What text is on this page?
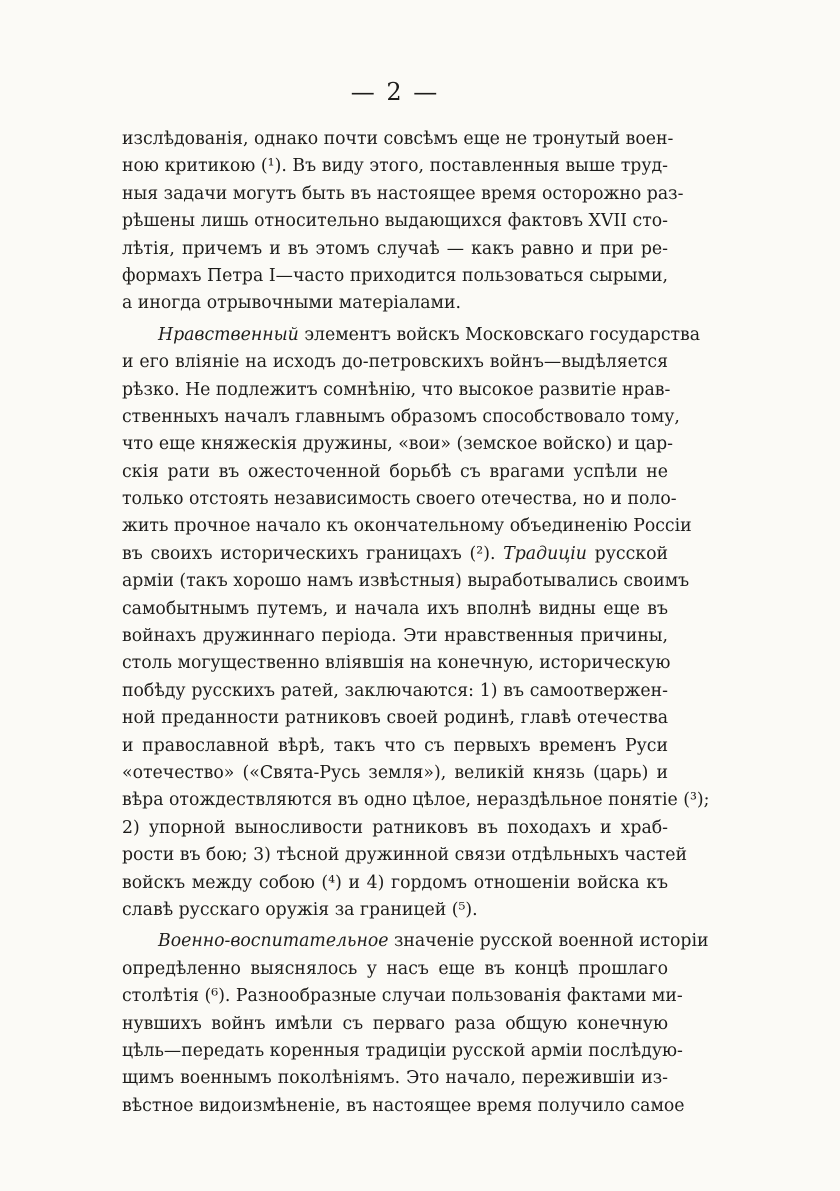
— 2 —
изслѣдованія, однако почти совсѣмъ еще не тронутый воен-
ною критикою (¹). Въ виду этого, поставленныя выше труд-
ныя задачи могутъ быть въ настоящее время осторожно раз-
рѣшены лишь относительно выдающихся фактовъ XVII сто-
лѣтія, причемъ и въ этомъ случаѣ — какъ равно и при ре-
формахъ Петра I—часто приходится пользоваться сырыми,
а иногда отрывочными матеріалами.
Нравственный элементъ войскъ Московскаго государства
и его вліяніе на исходъ до-петровскихъ войнъ—выдѣляется
рѣзко. Не подлежитъ сомнѣнію, что высокое развитіе нрав-
ственныхъ началъ главнымъ образомъ способствовало тому,
что еще княжескія дружины, «вои» (земское войско) и цар-
скія рати въ ожесточенной борьбѣ съ врагами успѣли не
только отстоять независимость своего отечества, но и поло-
жить прочное начало къ окончательному объединенію Россіи
въ своихъ историческихъ границахъ (²). Традиціи русской
арміи (такъ хорошо намъ извѣстныя) выработывались своимъ
самобытнымъ путемъ, и начала ихъ вполнѣ видны еще въ
войнахъ дружиннаго періода. Эти нравственныя причины,
столь могущественно вліявшія на конечную, историческую
побѣду русскихъ ратей, заключаются: 1) въ самоотвержен-
ной преданности ратниковъ своей родинѣ, главѣ отечества
и православной вѣрѣ, такъ что съ первыхъ временъ Руси
«отечество» («Свята-Русь земля»), великій князь (царь) и
вѣра отождествляются въ одно цѣлое, нераздѣльное понятіе (³);
2) упорной выносливости ратниковъ въ походахъ и храб-
рости въ бою; 3) тѣсной дружинной связи отдѣльныхъ частей
войскъ между собою (⁴) и 4) гордомъ отношеніи войска къ
славѣ русскаго оружія за границей (⁵).
Военно-воспитательное значеніе русской военной исторіи
опредѣленно выяснялось у насъ еще въ концѣ прошлаго
столѣтія (⁶). Разнообразные случаи пользованія фактами ми-
нувшихъ войнъ имѣли съ перваго раза общую конечную
цѣль—передать коренныя традиціи русской арміи послѣдую-
щимъ военнымъ поколѣніямъ. Это начало, пережившіи из-
вѣстное видоизмѣненіе, въ настоящее время получило самое
